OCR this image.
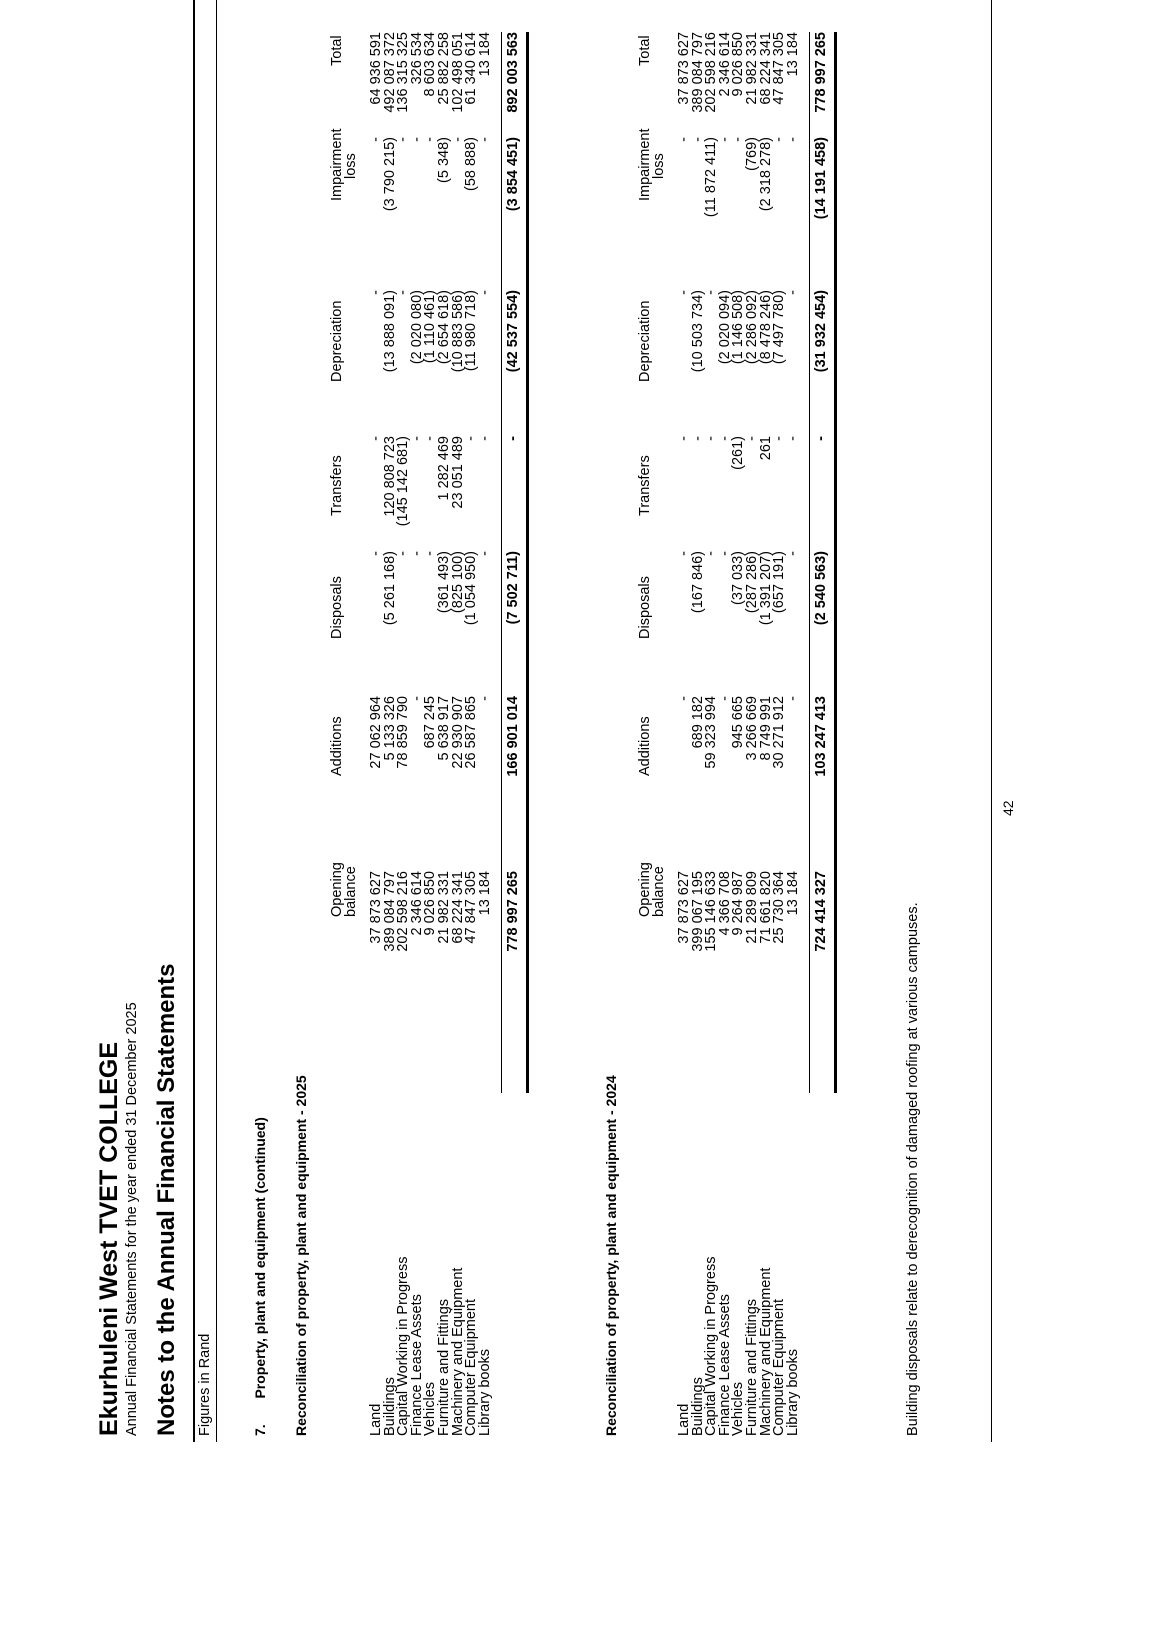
Ekurhuleni West TVET COLLEGE Annual Financial Statements for the year ended 31 December 2025 Notes to the Annual Financial Statements Figures in Rand	7.  Property, plant and equipment (continued) Reconciliation of property, plant and equipment - 2025
Opening balance
Additions
Disposals
Transfers
Depreciation
Impairment
loss
Total
Land
37 873 627
27 062 964
-
-
-
-
64 936 591
Buildings
389 084 797
5 133 326
(5 261 168)
120 808 723
(13 888 091)
(3 790 215)
492 087 372
Capital Working in Progress
202 598 216
78 859 790
-
(145 142 681)
-
-
136 315 325
Finance Lease Assets
2 346 614
-
-
-
(2 020 080)
-
326 534
Vehicles
9 026 850
687 245
-
-
(1 110 461)
-
8 603 634
Furniture and Fittings
21 982 331
5 638 917
(361 493)
1 282 469
(2 654 618)
(5 348)
25 882 258
Machinery and Equipment
68 224 341
22 930 907
(825 100)
23 051 489
(10 883 586)
-
102 498 051
Computer Equipment
47 847 305
26 587 865
(1 054 950)
-
(11 980 718)
(58 888)
61 340 614
Library books
13 184
-
-
-
-
-
13 184
778 997 265
166 901 014
(7 502 711)
-
(42 537 554)
(3 854 451)
892 003 563
Reconciliation of property, plant and equipment - 2024
Opening balance
Additions
Disposals
Transfers
Depreciation
Impairment
loss
Total
Land
37 873 627
-
-
-
-
-
37 873 627
Buildings
399 067 195
689 182
(167 846)
-
(10 503 734)
-
389 084 797
Capital Working in Progress
155 146 633
59 323 994
-
-
-
(11 872 411)
202 598 216
Finance Lease Assets
4 366 708
-
-
-
(2 020 094)
-
2 346 614
Vehicles
9 264 987
945 665
(37 033)
(261)
(1 146 508)
-
9 026 850
Furniture and Fittings
21 289 809
3 266 669
(287 286)
-
(2 286 092)
(769)
21 982 331
Machinery and Equipment
71 661 820
8 749 991
(1 391 207)
261
(8 478 246)
(2 318 278)
68 224 341
Computer Equipment
25 730 364
30 271 912
(657 191)
-
(7 497 780)
-
47 847 305
Library books
13 184
-
-
-
-
-
13 184
724 414 327
103 247 413
(2 540 563)
-
(31 932 454)
(14 191 458)
778 997 265
Building disposals relate to derecognition of damaged roofing at various campuses.
42
